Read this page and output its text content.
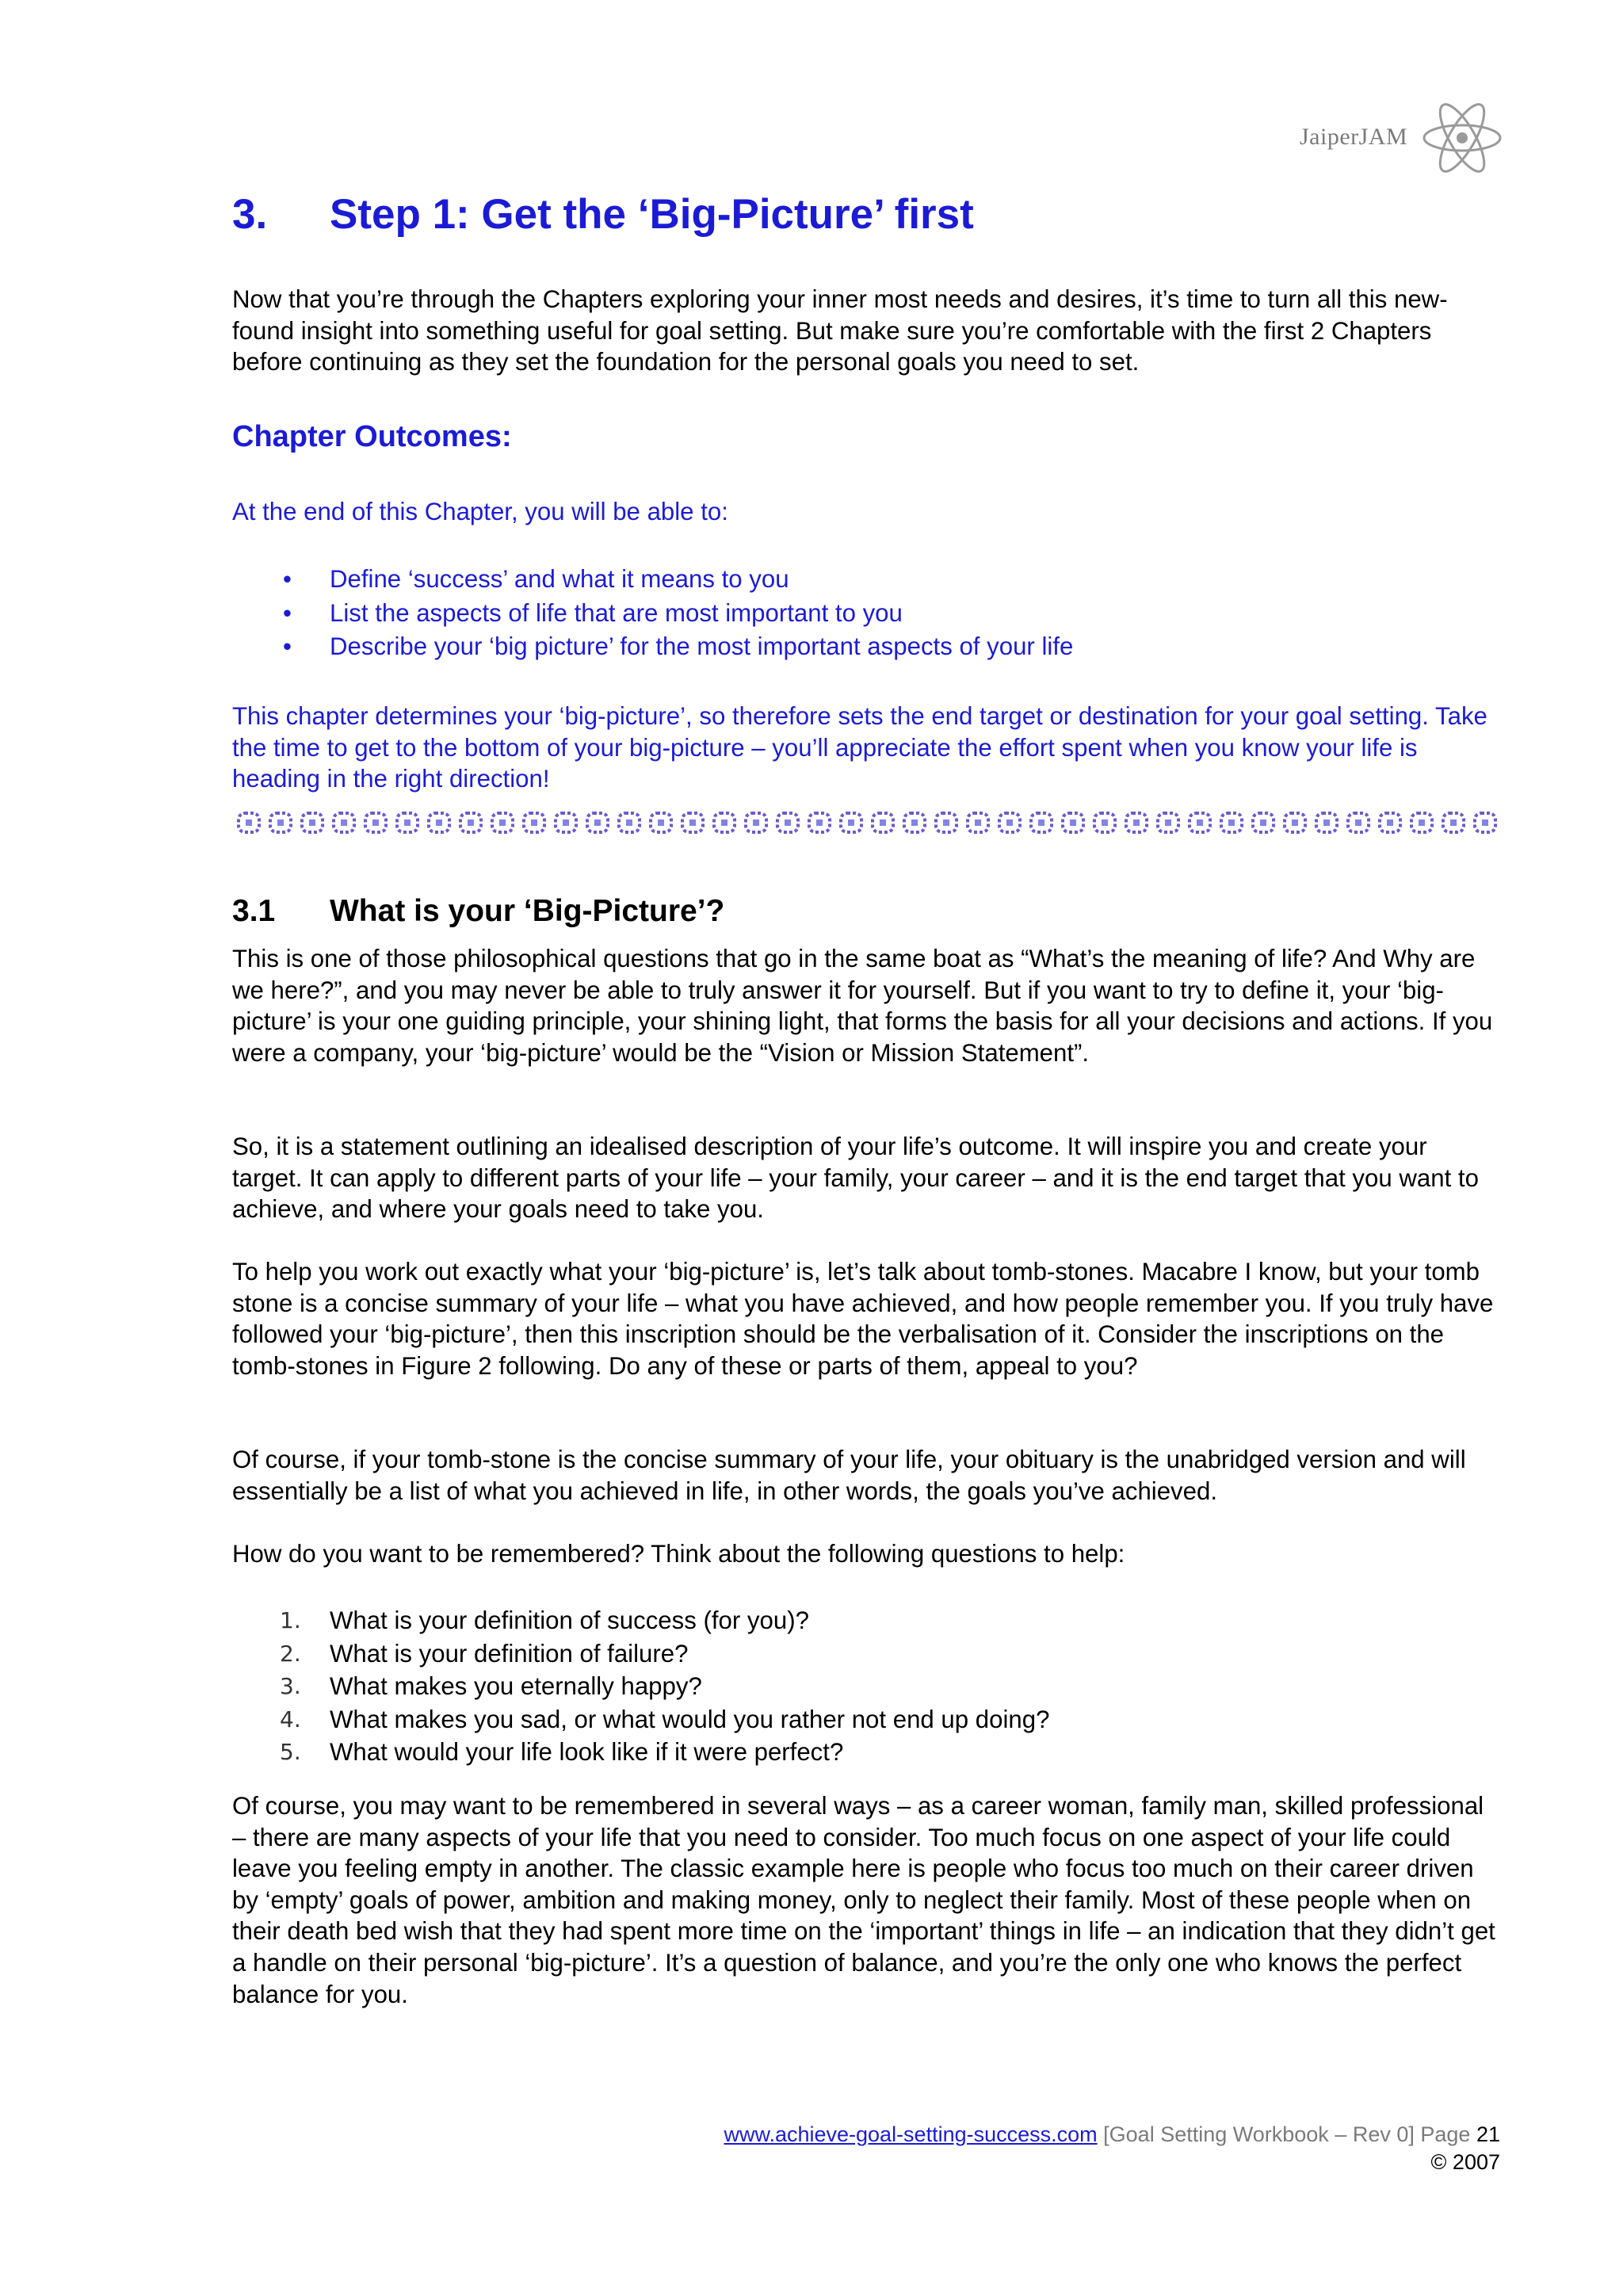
JaiperJAM
3. Step 1: Get the ‘Big-Picture’ first

Now that you’re through the Chapters exploring your inner most needs and desires, it’s time to turn all this new-found insight into something useful for goal setting. But make sure you’re comfortable with the first 2 Chapters before continuing as they set the foundation for the personal goals you need to set.

Chapter Outcomes:

At the end of this Chapter, you will be able to:

• Define ‘success’ and what it means to you
• List the aspects of life that are most important to you
• Describe your ‘big picture’ for the most important aspects of your life

This chapter determines your ‘big-picture’, so therefore sets the end target or destination for your goal setting. Take the time to get to the bottom of your big-picture – you’ll appreciate the effort spent when you know your life is heading in the right direction!

3.1 What is your ‘Big-Picture’?

This is one of those philosophical questions that go in the same boat as “What’s the meaning of life? And Why are we here?”, and you may never be able to truly answer it for yourself. But if you want to try to define it, your ‘big-picture’ is your one guiding principle, your shining light, that forms the basis for all your decisions and actions. If you were a company, your ‘big-picture’ would be the “Vision or Mission Statement”.

So, it is a statement outlining an idealised description of your life’s outcome. It will inspire you and create your target. It can apply to different parts of your life – your family, your career – and it is the end target that you want to achieve, and where your goals need to take you.

To help you work out exactly what your ‘big-picture’ is, let’s talk about tomb-stones. Macabre I know, but your tomb stone is a concise summary of your life – what you have achieved, and how people remember you. If you truly have followed your ‘big-picture’, then this inscription should be the verbalisation of it. Consider the inscriptions on the tomb-stones in Figure 2 following. Do any of these or parts of them, appeal to you?

Of course, if your tomb-stone is the concise summary of your life, your obituary is the unabridged version and will essentially be a list of what you achieved in life, in other words, the goals you’ve achieved.

How do you want to be remembered? Think about the following questions to help:

1. What is your definition of success (for you)?
2. What is your definition of failure?
3. What makes you eternally happy?
4. What makes you sad, or what would you rather not end up doing?
5. What would your life look like if it were perfect?

Of course, you may want to be remembered in several ways – as a career woman, family man, skilled professional – there are many aspects of your life that you need to consider. Too much focus on one aspect of your life could leave you feeling empty in another. The classic example here is people who focus too much on their career driven by ‘empty’ goals of power, ambition and making money, only to neglect their family. Most of these people when on their death bed wish that they had spent more time on the ‘important’ things in life – an indication that they didn’t get a handle on their personal ‘big-picture’. It’s a question of balance, and you’re the only one who knows the perfect balance for you.

www.achieve-goal-setting-success.com [Goal Setting Workbook – Rev 0] Page 21
© 2007
